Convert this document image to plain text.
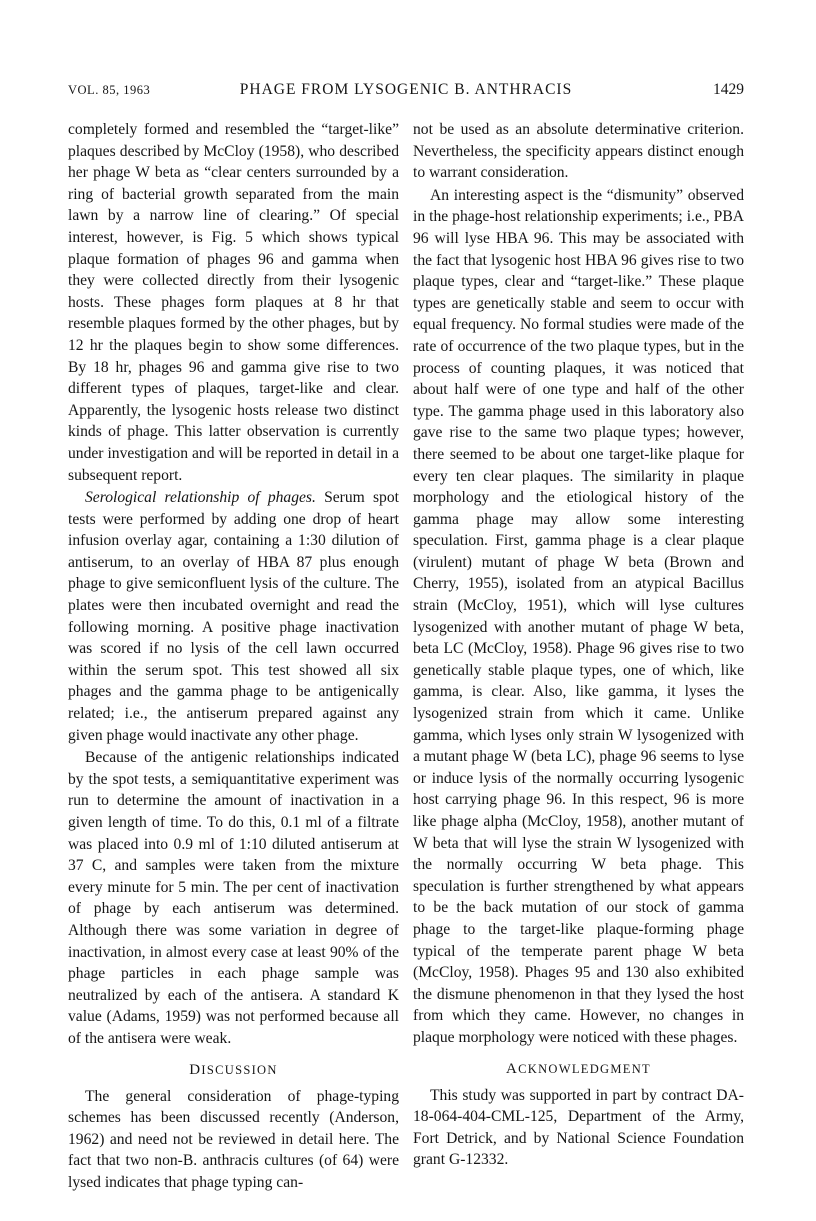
VOL. 85, 1963	PHAGE FROM LYSOGENIC B. ANTHRACIS	1429

completely formed and resembled the “target-like” plaques described by McCloy (1958), who described her phage W beta as “clear centers surrounded by a ring of bacterial growth separated from the main lawn by a narrow line of clearing.” Of special interest, however, is Fig. 5 which shows typical plaque formation of phages 96 and gamma when they were collected directly from their lysogenic hosts. These phages form plaques at 8 hr that resemble plaques formed by the other phages, but by 12 hr the plaques begin to show some differences. By 18 hr, phages 96 and gamma give rise to two different types of plaques, target-like and clear. Apparently, the lysogenic hosts release two distinct kinds of phage. This latter observation is currently under investigation and will be reported in detail in a subsequent report.

Serological relationship of phages. Serum spot tests were performed by adding one drop of heart infusion overlay agar, containing a 1:30 dilution of antiserum, to an overlay of HBA 87 plus enough phage to give semiconfluent lysis of the culture. The plates were then incubated overnight and read the following morning. A positive phage inactivation was scored if no lysis of the cell lawn occurred within the serum spot. This test showed all six phages and the gamma phage to be antigenically related; i.e., the antiserum prepared against any given phage would inactivate any other phage.

Because of the antigenic relationships indicated by the spot tests, a semiquantitative experiment was run to determine the amount of inactivation in a given length of time. To do this, 0.1 ml of a filtrate was placed into 0.9 ml of 1:10 diluted antiserum at 37 C, and samples were taken from the mixture every minute for 5 min. The per cent of inactivation of phage by each antiserum was determined. Although there was some variation in degree of inactivation, in almost every case at least 90% of the phage particles in each phage sample was neutralized by each of the antisera. A standard K value (Adams, 1959) was not performed because all of the antisera were weak.

DISCUSSION

The general consideration of phage-typing schemes has been discussed recently (Anderson, 1962) and need not be reviewed in detail here. The fact that two non-B. anthracis cultures (of 64) were lysed indicates that phage typing can-

not be used as an absolute determinative criterion. Nevertheless, the specificity appears distinct enough to warrant consideration.

An interesting aspect is the “dismunity” observed in the phage-host relationship experiments; i.e., PBA 96 will lyse HBA 96. This may be associated with the fact that lysogenic host HBA 96 gives rise to two plaque types, clear and “target-like.” These plaque types are genetically stable and seem to occur with equal frequency. No formal studies were made of the rate of occurrence of the two plaque types, but in the process of counting plaques, it was noticed that about half were of one type and half of the other type. The gamma phage used in this laboratory also gave rise to the same two plaque types; however, there seemed to be about one target-like plaque for every ten clear plaques. The similarity in plaque morphology and the etiological history of the gamma phage may allow some interesting speculation. First, gamma phage is a clear plaque (virulent) mutant of phage W beta (Brown and Cherry, 1955), isolated from an atypical Bacillus strain (McCloy, 1951), which will lyse cultures lysogenized with another mutant of phage W beta, beta LC (McCloy, 1958). Phage 96 gives rise to two genetically stable plaque types, one of which, like gamma, is clear. Also, like gamma, it lyses the lysogenized strain from which it came. Unlike gamma, which lyses only strain W lysogenized with a mutant phage W (beta LC), phage 96 seems to lyse or induce lysis of the normally occurring lysogenic host carrying phage 96. In this respect, 96 is more like phage alpha (McCloy, 1958), another mutant of W beta that will lyse the strain W lysogenized with the normally occurring W beta phage. This speculation is further strengthened by what appears to be the back mutation of our stock of gamma phage to the target-like plaque-forming phage typical of the temperate parent phage W beta (McCloy, 1958). Phages 95 and 130 also exhibited the dismune phenomenon in that they lysed the host from which they came. However, no changes in plaque morphology were noticed with these phages.

ACKNOWLEDGMENT

This study was supported in part by contract DA-18-064-404-CML-125, Department of the Army, Fort Detrick, and by National Science Foundation grant G-12332.
